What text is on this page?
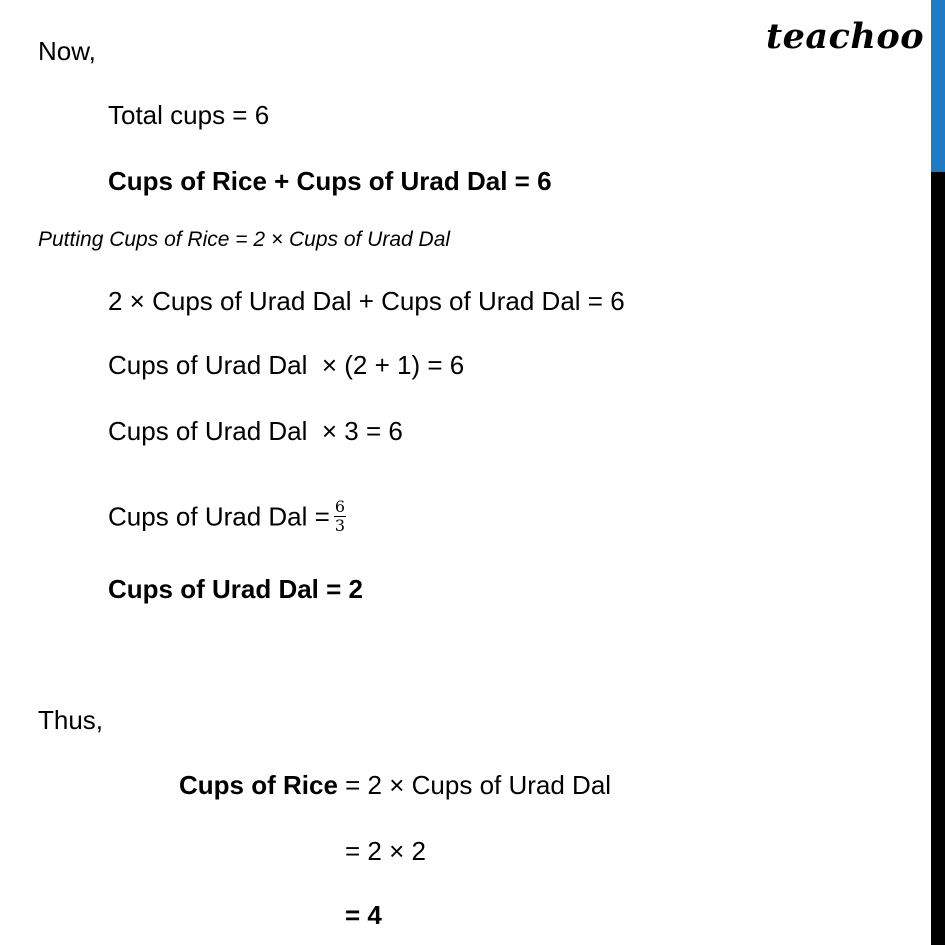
teachoo
Now,
Total cups = 6
Cups of Rice + Cups of Urad Dal = 6
Putting Cups of Rice = 2 × Cups of Urad Dal
2 × Cups of Urad Dal + Cups of Urad Dal = 6
Cups of Urad Dal  × (2 + 1) = 6
Cups of Urad Dal  × 3 = 6
Cups of Urad Dal = $\frac{6}{3}$
Cups of Urad Dal = 2
Thus,
Cups of Rice = 2 × Cups of Urad Dal
= 2 × 2
= 4
